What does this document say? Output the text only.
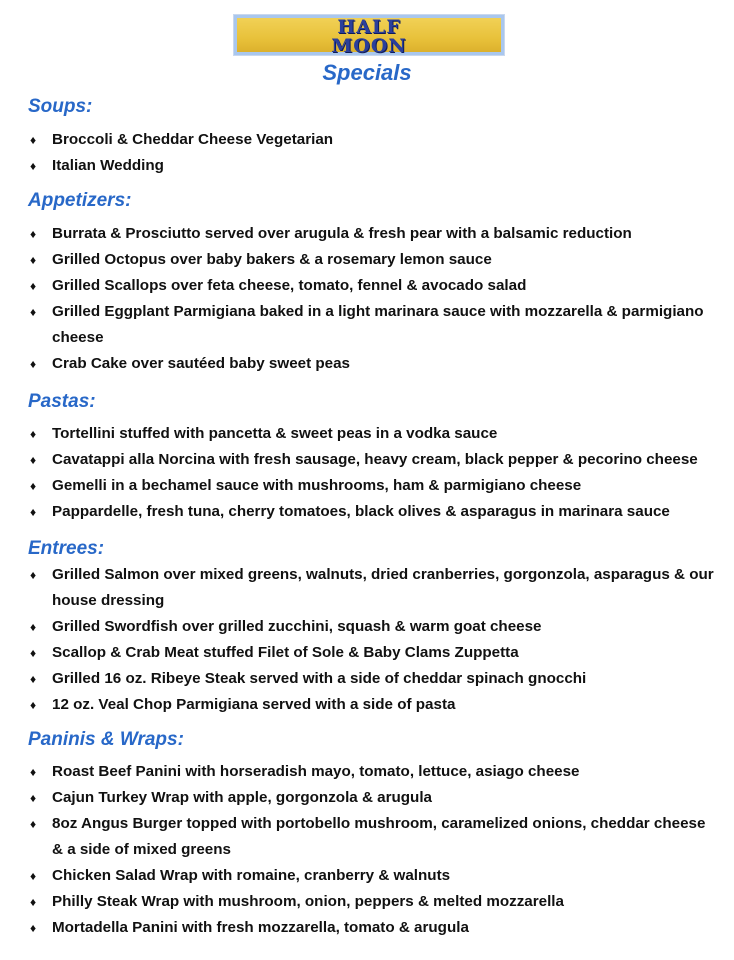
HALF
MOON
Specials
Soups:
♦ Broccoli & Cheddar Cheese Vegetarian
♦ Italian Wedding
Appetizers:
♦ Burrata & Prosciutto served over arugula & fresh pear with a balsamic reduction
♦ Grilled Octopus over baby bakers & a rosemary lemon sauce
♦ Grilled Scallops over feta cheese, tomato, fennel & avocado salad
♦ Grilled Eggplant Parmigiana baked in a light marinara sauce with mozzarella & parmigiano cheese
♦ Crab Cake over sautéed baby sweet peas
Pastas:
♦ Tortellini stuffed with pancetta & sweet peas in a vodka sauce
♦ Cavatappi alla Norcina with fresh sausage, heavy cream, black pepper & pecorino cheese
♦ Gemelli in a bechamel sauce with mushrooms, ham & parmigiano cheese
♦ Pappardelle, fresh tuna, cherry tomatoes, black olives & asparagus in marinara sauce
Entrees:
♦ Grilled Salmon over mixed greens, walnuts, dried cranberries, gorgonzola, asparagus & our house dressing
♦ Grilled Swordfish over grilled zucchini, squash & warm goat cheese
♦ Scallop & Crab Meat stuffed Filet of Sole & Baby Clams Zuppetta
♦ Grilled 16 oz. Ribeye Steak served with a side of cheddar spinach gnocchi
♦ 12 oz. Veal Chop Parmigiana served with a side of pasta
Paninis & Wraps:
♦ Roast Beef Panini with horseradish mayo, tomato, lettuce, asiago cheese
♦ Cajun Turkey Wrap with apple, gorgonzola & arugula
♦ 8oz Angus Burger topped with portobello mushroom, caramelized onions, cheddar cheese & a side of mixed greens
♦ Chicken Salad Wrap with romaine, cranberry & walnuts
♦ Philly Steak Wrap with mushroom, onion, peppers & melted mozzarella
♦ Mortadella Panini with fresh mozzarella, tomato & arugula
